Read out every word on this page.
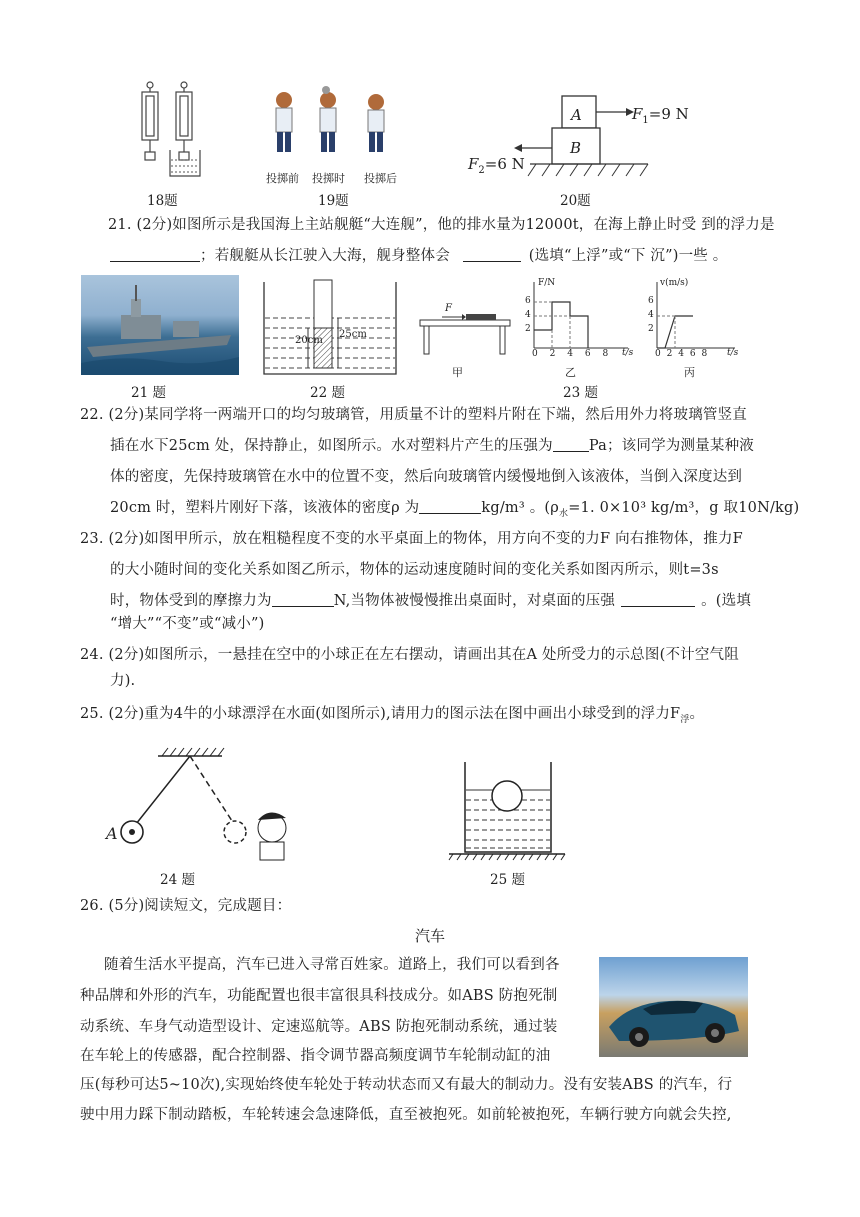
18题
投掷前 投掷时 投掷后
19题
A
B
$F_1=9$ N
$F_2=6$ N
20题
21. (2分)如图所示是我国海上主站舰艇“大连舰”，他的排水量为12000t，在海上静止时受 到的浮力是
；若舰艇从长江驶入大海，舰身整体会	(选填“上浮”或“下 沉”)一些 。
21 题
20cm
25cm
22 题
F
甲
F/N
6
4
2
0 2 4 6 8 t/s
乙
v(m/s)
6
4
2
0 2 4 6 8 t/s
丙
23 题
22. (2分)某同学将一两端开口的均匀玻璃管，用质量不计的塑料片附在下端，然后用外力将玻璃管竖直
插在水下25cm 处，保持静止，如图所示。水对塑料片产生的压强为 Pa；该同学为测量某种液
体的密度，先保持玻璃管在水中的位置不变，然后向玻璃管内缓慢地倒入该液体，当倒入深度达到
20cm 时，塑料片刚好下落，该液体的密度ρ 为	kg/m³ 。($\rho_水=1$. 0×10³ kg/m³，g 取10N/kg)
23. (2分)如图甲所示，放在粗糙程度不变的水平桌面上的物体，用方向不变的力F 向右推物体，推力F
的大小随时间的变化关系如图乙所示，物体的运动速度随时间的变化关系如图丙所示，则t=3s
时，物体受到的摩擦力为	N,当物体被慢慢推出桌面时，对桌面的压强	。(选填
“增大”“不变”或“减小”)
24. (2分)如图所示，一悬挂在空中的小球正在左右摆动，请画出其在A 处所受力的示总图(不计空气阻
力).
25. (2分)重为4牛的小球漂浮在水面(如图所示),请用力的图示法在图中画出小球受到的浮力$F_浮$。
A
24 题	25 题
26. (5分)阅读短文，完成题目：
汽车
随着生活水平提高，汽车已进入寻常百姓家。道路上，我们可以看到各
种品牌和外形的汽车，功能配置也很丰富很具科技成分。如ABS 防抱死制
动系统、车身气动造型设计、定速巡航等。ABS 防抱死制动系统，通过装
在车轮上的传感器，配合控制器、指令调节器高频度调节车轮制动缸的油
压(每秒可达5~10次),实现始终使车轮处于转动状态而又有最大的制动力。没有安装ABS 的汽车，行
驶中用力踩下制动踏板，车轮转速会急速降低，直至被抱死。如前轮被抱死，车辆行驶方向就会失控,
